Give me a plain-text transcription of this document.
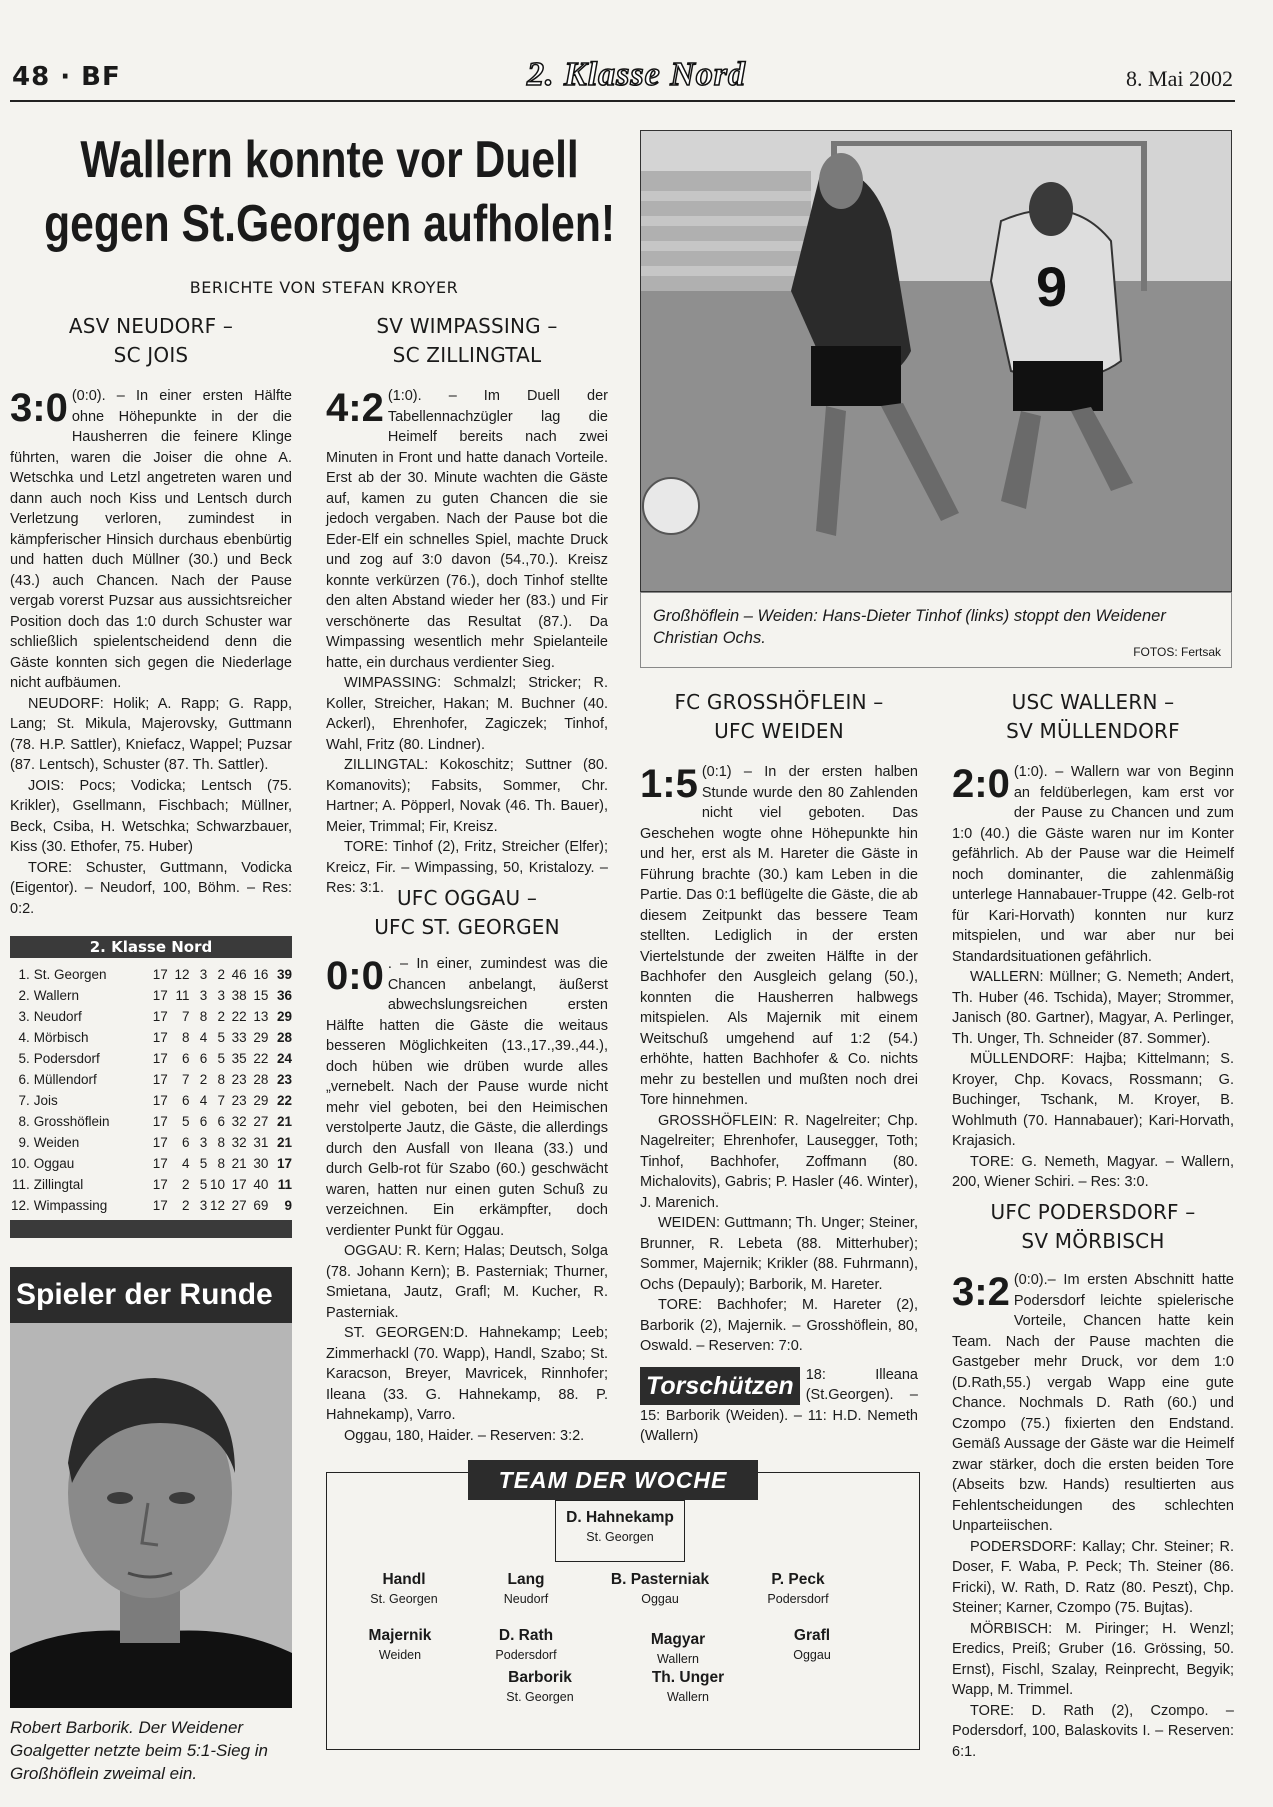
48 · BF	2. Klasse Nord	8. Mai 2002
Wallern konnte vor Duell
gegen St.Georgen aufholen!
BERICHTE VON STEFAN KROYER
ASV NEUDORF –
SC JOIS
3:0 (0:0). – In einer ersten Hälfte ohne Höhepunkte in der die Hausherren die feinere Klinge führten, waren die Joiser die ohne A. Wetschka und Letzl angetreten waren und dann auch noch Kiss und Lentsch durch Verletzung verloren, zumindest in kämpferischer Hinsich durchaus ebenbürtig und hatten duch Müllner (30.) und Beck (43.) auch Chancen. Nach der Pause vergab vorerst Puzsar aus aussichtsreicher Position doch das 1:0 durch Schuster war schließlich spielentscheidend denn die Gäste konnten sich gegen die Niederlage nicht aufbäumen.

NEUDORF: Holik; A. Rapp; G. Rapp, Lang; St. Mikula, Majerovsky, Guttmann (78. H.P. Sattler), Kniefacz, Wappel; Puzsar (87. Lentsch), Schuster (87. Th. Sattler).

JOIS: Pocs; Vodicka; Lentsch (75. Krikler), Gsellmann, Fischbach; Müllner, Beck, Csiba, H. Wetschka; Schwarzbauer, Kiss (30. Ethofer, 75. Huber)

TORE: Schuster, Guttmann, Vodicka (Eigentor). – Neudorf, 100, Böhm. – Res: 0:2.

2. Klasse Nord
1. St. Georgen	17 12 3 2 46 16 39
2. Wallern	17 11 3 3 38 15 36
3. Neudorf	17	7 8 2 22 13 29
4. Mörbisch	17	8 4 5 33 29 28
5. Podersdorf	17	6 6 5 35 22 24
6. Müllendorf	17	7 2 8 23 28 23
7. Jois	17	6 4 7 23 29 22
8. Grosshöflein	17	5 6 6 32 27 21
9. Weiden	17	6 3 8 32 31 21
10. Oggau	17	4 5 8 21 30 17
11. Zillingtal	17	2 5 10 17 40 11
12. Wimpassing	17	2 3 12 27 69	9
Spieler der Runde
Robert Barborik. Der Weidener Goalgetter netzte beim 5:1-Sieg in Großhöflein zweimal ein.
SV WIMPASSING –
SC ZILLINGTAL
4:2 (1:0). – Im Duell der Tabellennachzügler lag die Heimelf bereits nach zwei Minuten in Front und hatte danach Vorteile. Erst ab der 30. Minute wachten die Gäste auf, kamen zu guten Chancen die sie jedoch vergaben. Nach der Pause bot die Eder-Elf ein schnelles Spiel, machte Druck und zog auf 3:0 davon (54.,70.). Kreisz konnte verkürzen (76.), doch Tinhof stellte den alten Abstand wieder her (83.) und Fir verschönerte das Resultat (87.). Da Wimpassing wesentlich mehr Spielanteile hatte, ein durchaus verdienter Sieg.

WIMPASSING: Schmalzl; Stricker; R. Koller, Streicher, Hakan; M. Buchner (40. Ackerl), Ehrenhofer, Zagiczek; Tinhof, Wahl, Fritz (80. Lindner).

ZILLINGTAL: Kokoschitz; Suttner (80. Komanovits); Fabsits, Sommer, Chr. Hartner; A. Pöpperl, Novak (46. Th. Bauer), Meier, Trimmal; Fir, Kreisz.

TORE: Tinhof (2), Fritz, Streicher (Elfer); Kreicz, Fir. – Wimpassing, 50, Kristalozy. – Res: 3:1. UFC OGGAU –
UFC ST. GEORGEN
0:0 . – In einer, zumindest was die Chancen anbelangt, äußerst abwechslungsreichen ersten Hälfte hatten die Gäste die weitaus besseren Möglichkeiten (13.,17.,39.,44.), doch hüben wie drüben wurde alles „vernebelt. Nach der Pause wurde nicht mehr viel geboten, bei den Heimischen verstolperte Jautz, die Gäste, die allerdings durch den Ausfall von Ileana (33.) und durch Gelb-rot für Szabo (60.) geschwächt waren, hatten nur einen guten Schuß zu verzeichnen. Ein erkämpfter, doch verdienter Punkt für Oggau.

OGGAU: R. Kern; Halas; Deutsch, Solga (78. Johann Kern); B. Pasterniak; Thurner, Smietana, Jautz, Grafl; M. Kucher, R. Pasterniak.

ST. GEORGEN:D. Hahnekamp; Leeb; Zimmerhackl (70. Wapp), Handl, Szabo; St. Karacson, Breyer, Mavricek, Rinnhofer; Ileana (33. G. Hahnekamp, 88. P. Hahnekamp), Varro.

Oggau, 180, Haider. – Reserven: 3:2.

9
Großhöflein – Weiden: Hans-Dieter Tinhof (links) stoppt den Weidener Christian Ochs.
FOTOS: Fertsak
FC GROSSHÖFLEIN –
UFC WEIDEN
1:5 (0:1) – In der ersten halben Stunde wurde den 80 Zahlenden nicht viel geboten. Das Geschehen wogte ohne Höhepunkte hin und her, erst als M. Hareter die Gäste in Führung brachte (30.) kam Leben in die Partie. Das 0:1 beflügelte die Gäste, die ab diesem Zeitpunkt das bessere Team stellten. Lediglich in der ersten Viertelstunde der zweiten Hälfte in der Bachhofer den Ausgleich gelang (50.), konnten die Hausherren halbwegs mitspielen. Als Majernik mit einem Weitschuß umgehend auf 1:2 (54.) erhöhte, hatten Bachhofer & Co. nichts mehr zu bestellen und mußten noch drei Tore hinnehmen.

GROSSHÖFLEIN: R. Nagelreiter; Chp. Nagelreiter; Ehrenhofer, Lausegger, Toth; Tinhof, Bachhofer, Zoffmann (80. Michalovits), Gabris; P. Hasler (46. Winter), J. Marenich.

WEIDEN: Guttmann; Th. Unger; Steiner, Brunner, R. Lebeta (88. Mitterhuber); Sommer, Majernik; Krikler (88. Fuhrmann), Ochs (Depauly); Barborik, M. Hareter.

TORE: Bachhofer; M. Hareter (2), Barborik (2), Majernik. – Grosshöflein, 80, Oswald. – Reserven: 7:0.

Torschützen 18: Illeana (St.Georgen). – 15: Barborik (Weiden). – 11: H.D. Nemeth (Wallern)
USC WALLERN –
SV MÜLLENDORF
2:0 (1:0). – Wallern war von Beginn an feldüberlegen, kam erst vor der Pause zu Chancen und zum 1:0 (40.) die Gäste waren nur im Konter gefährlich. Ab der Pause war die Heimelf noch dominanter, die zahlenmäßig unterlege Hannabauer-Truppe (42. Gelb-rot für Kari-Horvath) konnten nur kurz mitspielen, und war aber nur bei Standardsituationen gefährlich.

WALLERN: Müllner; G. Nemeth; Andert, Th. Huber (46. Tschida), Mayer; Strommer, Janisch (80. Gartner), Magyar, A. Perlinger, Th. Unger, Th. Schneider (87. Sommer).

MÜLLENDORF: Hajba; Kittelmann; S. Kroyer, Chp. Kovacs, Rossmann; G. Buchinger, Tschank, M. Kroyer, B. Wohlmuth (70. Hannabauer); Kari-Horvath, Krajasich.

TORE: G. Nemeth, Magyar. – Wallern, 200, Wiener Schiri. – Res: 3:0.

UFC PODERSDORF –
SV MÖRBISCH
3:2 (0:0).– Im ersten Abschnitt hatte Podersdorf leichte spielerische Vorteile, Chancen hatte kein Team. Nach der Pause machten die Gastgeber mehr Druck, vor dem 1:0 (D.Rath,55.) vergab Wapp eine gute Chance. Nochmals D. Rath (60.) und Czompo (75.) fixierten den Endstand. Gemäß Aussage der Gäste war die Heimelf zwar stärker, doch die ersten beiden Tore (Abseits bzw. Hands) resultierten aus Fehlentscheidungen des schlechten Unparteiischen.

PODERSDORF: Kallay; Chr. Steiner; R. Doser, F. Waba, P. Peck; Th. Steiner (86. Fricki), W. Rath, D. Ratz (80. Peszt), Chp. Steiner; Karner, Czompo (75. Bujtas).

MÖRBISCH: M. Piringer; H. Wenzl; Eredics, Preiß; Gruber (16. Grössing, 50. Ernst), Fischl, Szalay, Reinprecht, Begyik; Wapp, M. Trimmel.

TORE: D. Rath (2), Czompo. – Podersdorf, 100, Balaskovits I. – Reserven: 6:1.

TEAM DER WOCHE
D. Hahnekamp
St. Georgen
Handl
St. Georgen
Lang
Neudorf
B. Pasterniak
Oggau
P. Peck
Podersdorf
Majernik
Weiden
D. Rath
Podersdorf
Magyar
Wallern
Grafl
Oggau
Barborik
St. Georgen
Th. Unger
Wallern
